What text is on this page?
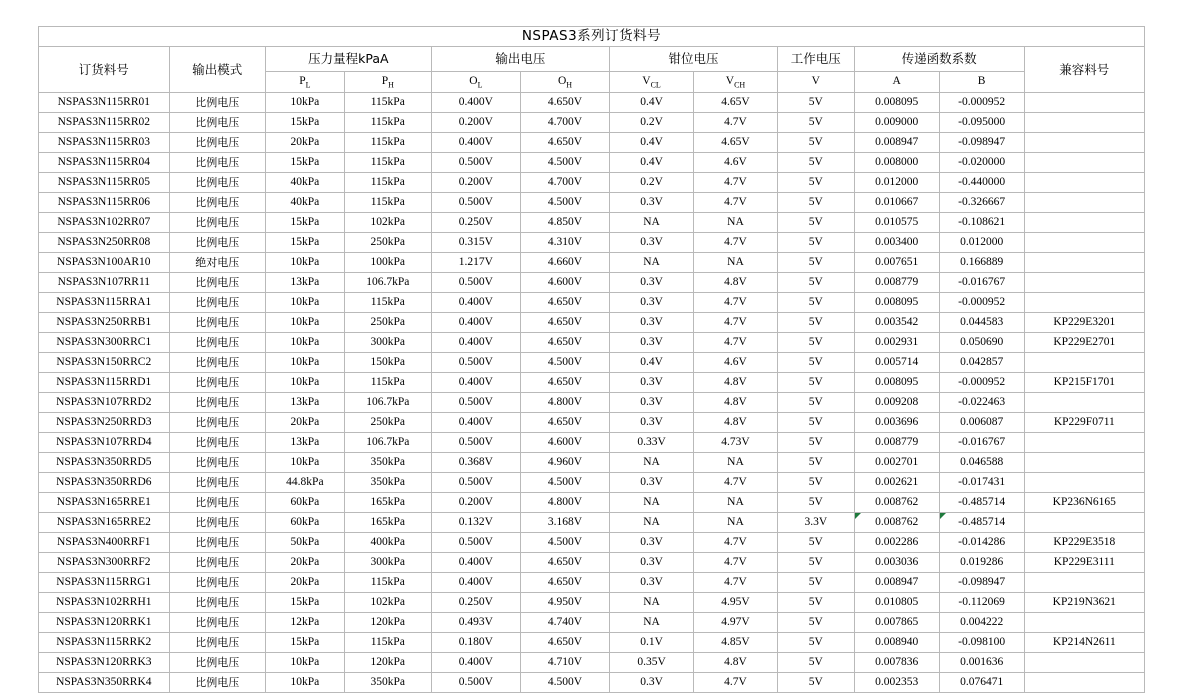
NSPAS3系列订货料号											
订货料号	输出模式	压力量程kPaA		输出电压		钳位电压		工作电压	传递函数系数		兼容料号
		$P_L$	$P_H$	$O_L$	$O_H$	$V_{CL}$	$V_{CH}$	V	A	B	
NSPAS3N115RR01	比例电压	10kPa	115kPa	0.400V	4.650V	0.4V	4.65V	5V	0.008095	-0.000952	
NSPAS3N115RR02	比例电压	15kPa	115kPa	0.200V	4.700V	0.2V	4.7V	5V	0.009000	-0.095000	
NSPAS3N115RR03	比例电压	20kPa	115kPa	0.400V	4.650V	0.4V	4.65V	5V	0.008947	-0.098947	
NSPAS3N115RR04	比例电压	15kPa	115kPa	0.500V	4.500V	0.4V	4.6V	5V	0.008000	-0.020000	
NSPAS3N115RR05	比例电压	40kPa	115kPa	0.200V	4.700V	0.2V	4.7V	5V	0.012000	-0.440000	
NSPAS3N115RR06	比例电压	40kPa	115kPa	0.500V	4.500V	0.3V	4.7V	5V	0.010667	-0.326667	
NSPAS3N102RR07	比例电压	15kPa	102kPa	0.250V	4.850V	NA	NA	5V	0.010575	-0.108621	
NSPAS3N250RR08	比例电压	15kPa	250kPa	0.315V	4.310V	0.3V	4.7V	5V	0.003400	0.012000	
NSPAS3N100AR10	绝对电压	10kPa	100kPa	1.217V	4.660V	NA	NA	5V	0.007651	0.166889	
NSPAS3N107RR11	比例电压	13kPa	106.7kPa	0.500V	4.600V	0.3V	4.8V	5V	0.008779	-0.016767	
NSPAS3N115RRA1	比例电压	10kPa	115kPa	0.400V	4.650V	0.3V	4.7V	5V	0.008095	-0.000952	
NSPAS3N250RRB1	比例电压	10kPa	250kPa	0.400V	4.650V	0.3V	4.7V	5V	0.003542	0.044583	KP229E3201
NSPAS3N300RRC1	比例电压	10kPa	300kPa	0.400V	4.650V	0.3V	4.7V	5V	0.002931	0.050690	KP229E2701
NSPAS3N150RRC2	比例电压	10kPa	150kPa	0.500V	4.500V	0.4V	4.6V	5V	0.005714	0.042857	
NSPAS3N115RRD1	比例电压	10kPa	115kPa	0.400V	4.650V	0.3V	4.8V	5V	0.008095	-0.000952	KP215F1701
NSPAS3N107RRD2	比例电压	13kPa	106.7kPa	0.500V	4.800V	0.3V	4.8V	5V	0.009208	-0.022463	
NSPAS3N250RRD3	比例电压	20kPa	250kPa	0.400V	4.650V	0.3V	4.8V	5V	0.003696	0.006087	KP229F0711
NSPAS3N107RRD4	比例电压	13kPa	106.7kPa	0.500V	4.600V	0.33V	4.73V	5V	0.008779	-0.016767	
NSPAS3N350RRD5	比例电压	10kPa	350kPa	0.368V	4.960V	NA	NA	5V	0.002701	0.046588	
NSPAS3N350RRD6	比例电压	44.8kPa	350kPa	0.500V	4.500V	0.3V	4.7V	5V	0.002621	-0.017431	
NSPAS3N165RRE1	比例电压	60kPa	165kPa	0.200V	4.800V	NA	NA	5V	0.008762	-0.485714	KP236N6165
NSPAS3N165RRE2	比例电压	60kPa	165kPa	0.132V	3.168V	NA	NA	3.3V	0.008762	-0.485714	
NSPAS3N400RRF1	比例电压	50kPa	400kPa	0.500V	4.500V	0.3V	4.7V	5V	0.002286	-0.014286	KP229E3518
NSPAS3N300RRF2	比例电压	20kPa	300kPa	0.400V	4.650V	0.3V	4.7V	5V	0.003036	0.019286	KP229E3111
NSPAS3N115RRG1	比例电压	20kPa	115kPa	0.400V	4.650V	0.3V	4.7V	5V	0.008947	-0.098947	
NSPAS3N102RRH1	比例电压	15kPa	102kPa	0.250V	4.950V	NA	4.95V	5V	0.010805	-0.112069	KP219N3621
NSPAS3N120RRK1	比例电压	12kPa	120kPa	0.493V	4.740V	NA	4.97V	5V	0.007865	0.004222	
NSPAS3N115RRK2	比例电压	15kPa	115kPa	0.180V	4.650V	0.1V	4.85V	5V	0.008940	-0.098100	KP214N2611
NSPAS3N120RRK3	比例电压	10kPa	120kPa	0.400V	4.710V	0.35V	4.8V	5V	0.007836	0.001636	
NSPAS3N350RRK4	比例电压	10kPa	350kPa	0.500V	4.500V	0.3V	4.7V	5V	0.002353	0.076471	
